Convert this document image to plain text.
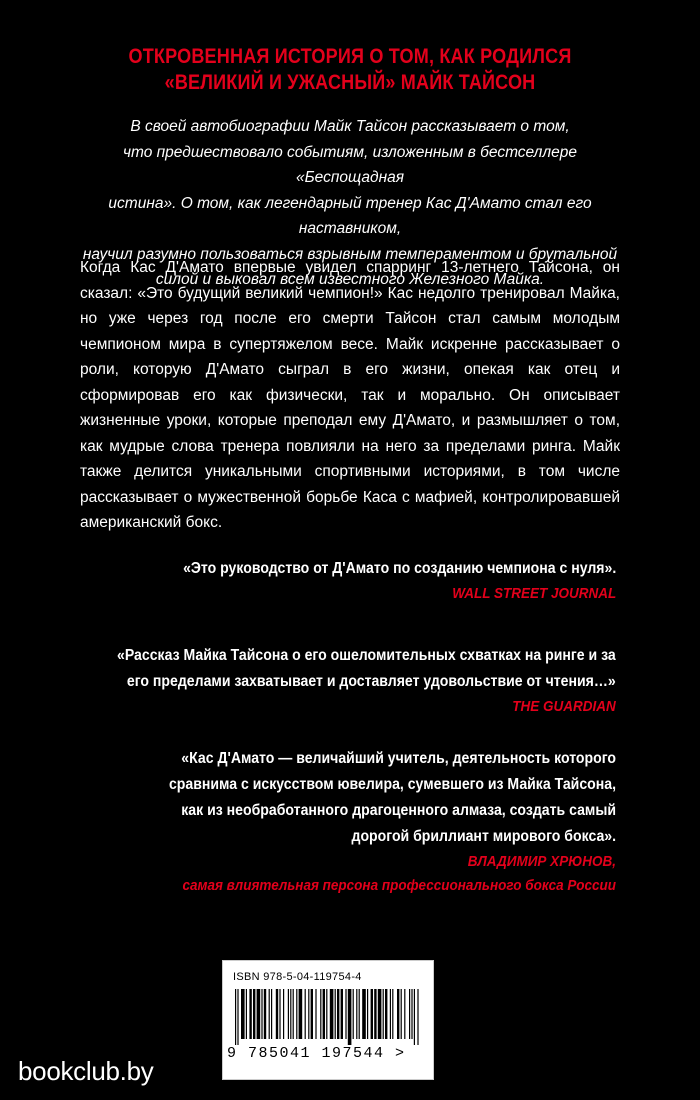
ОТКРОВЕННАЯ ИСТОРИЯ О ТОМ, КАК РОДИЛСЯ
«ВЕЛИКИЙ И УЖАСНЫЙ» МАЙК ТАЙСОН
В своей автобиографии Майк Тайсон рассказывает о том,
что предшествовало событиям, изложенным в бестселлере «Беспощадная
истина». О том, как легендарный тренер Кас Д'Амато стал его наставником,
научил разумно пользоваться взрывным темпераментом и брутальной
силой и выковал всем известного Железного Майка.
Когда Кас Д'Амато впервые увидел спарринг 13-летнего Тайсона, он сказал: «Это будущий великий чемпион!» Кас недолго тренировал Майка, но уже через год после его смерти Тайсон стал самым молодым чемпионом мира в супертяжелом весе. Майк искренне рассказывает о роли, которую Д'Амато сыграл в его жизни, опекая как отец и сформировав его как физически, так и морально. Он описывает жизненные уроки, которые преподал ему Д'Амато, и размышляет о том, как мудрые слова тренера повлияли на него за пределами ринга. Майк также делится уникальными спортивными историями, в том числе рассказывает о мужественной борьбе Каса с мафией, контролировавшей американский бокс.
«Это руководство от Д'Амато по созданию чемпиона с нуля».
WALL STREET JOURNAL
«Рассказ Майка Тайсона о его ошеломительных схватках на ринге и за
его пределами захватывает и доставляет удовольствие от чтения…»
THE GUARDIAN
«Кас Д'Амато — величайший учитель, деятельность которого
сравнима с искусством ювелира, сумевшего из Майка Тайсона,
как из необработанного драгоценного алмаза, создать самый
дорогой бриллиант мирового бокса».
ВЛАДИМИР ХРЮНОВ,
самая влиятельная персона профессионального бокса России
ISBN 978-5-04-119754-4
9 785041 197544 >
bookclub.by
